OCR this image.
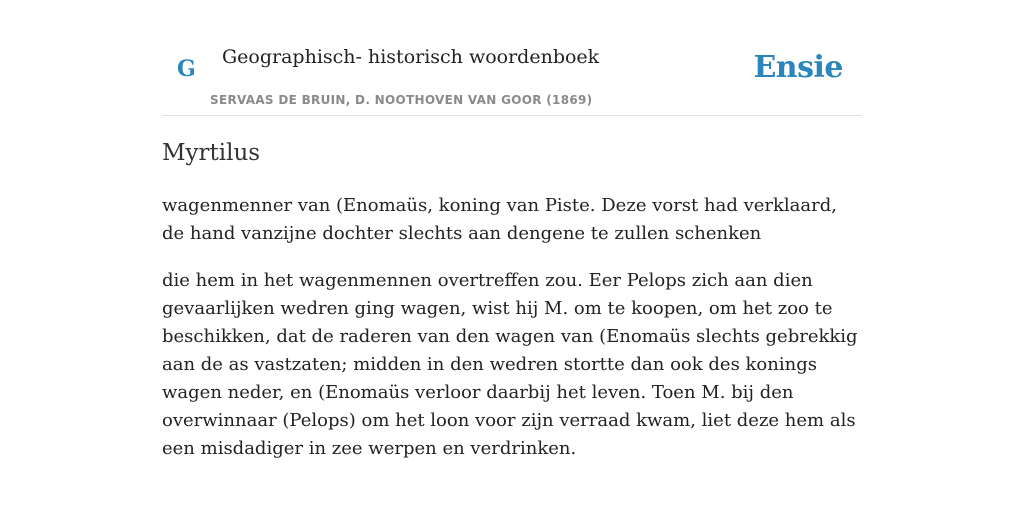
G Geographisch- historisch woordenboek
SERVAAS DE BRUIN, D. NOOTHOVEN VAN GOOR (1869)
Ensie
Myrtilus

wagenmenner van (Enomaüs, koning van Piste. Deze vorst had verklaard, de hand vanzijne dochter slechts aan dengene te zullen schenken

die hem in het wagenmennen overtreffen zou. Eer Pelops zich aan dien gevaarlijken wedren ging wagen, wist hij M. om te koopen, om het zoo te beschikken, dat de raderen van den wagen van (Enomaüs slechts gebrekkig aan de as vastzaten; midden in den wedren stortte dan ook des konings wagen neder, en (Enomaüs verloor daarbij het leven. Toen M. bij den overwinnaar (Pelops) om het loon voor zijn verraad kwam, liet deze hem als een misdadiger in zee werpen en verdrinken.
